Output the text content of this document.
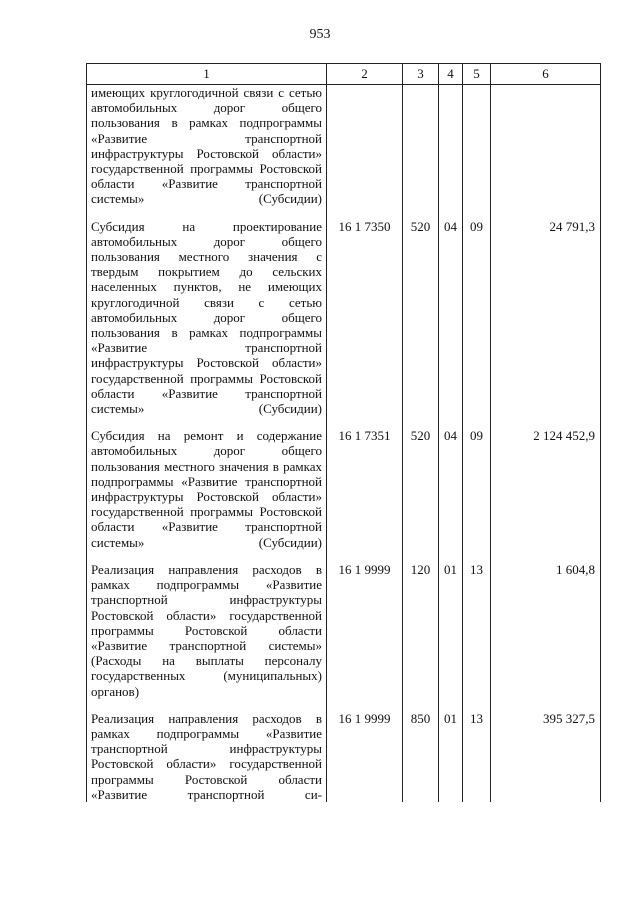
953
1	2	3	4	5	6

имеющих круглогодичной связи с сетью автомобильных дорог общего пользования в рамках подпрограммы «Развитие транспортной инфраструктуры Ростовской области» государственной программы Ростовской области «Развитие транспортной системы» (Субсидии)					

Субсидия на проектирование автомобильных дорог общего пользования местного значения с твердым покрытием до сельских населенных пунктов, не имеющих круглогодичной связи с сетью автомобильных дорог общего пользования в рамках подпрограммы «Развитие транспортной инфраструктуры Ростовской области» государственной программы Ростовской области «Развитие транспортной системы» (Субсидии)	16 1 7350	520	04	09	24 791,3

Субсидия на ремонт и содержание автомобильных дорог общего пользования местного значения в рамках подпрограммы «Развитие транспортной инфраструктуры Ростовской области» государственной программы Ростовской области «Развитие транспортной системы» (Субсидии)	16 1 7351	520	04	09	2 124 452,9

Реализация направления расходов в рамках подпрограммы «Развитие транспортной инфраструктуры Ростовской области» государственной программы Ростовской области «Развитие транспортной системы» (Расходы на выплаты персоналу государственных (муниципальных) органов)	16 1 9999	120	01	13	1 604,8

Реализация направления расходов в рамках подпрограммы «Развитие транспортной инфраструктуры Ростовской области» государственной программы Ростовской области «Развитие транспортной си-	16 1 9999	850	01	13	395 327,5
